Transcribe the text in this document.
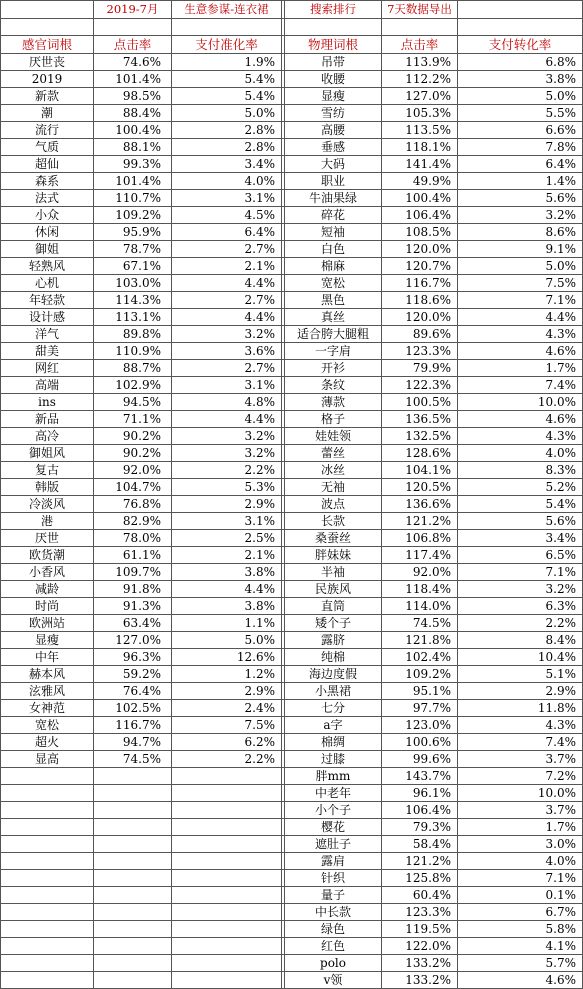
	2019-7月	生意参谋-连衣裙		搜索排行	7天数据导出	

感官词根	点击率	支付准化率		物理词根	点击率	支付转化率
厌世丧	74.6%	1.9%		吊带	113.9%	6.8%
2019	101.4%	5.4%		收腰	112.2%	3.8%
新款	98.5%	5.4%		显瘦	127.0%	5.0%
潮	88.4%	5.0%		雪纺	105.3%	5.5%
流行	100.4%	2.8%		高腰	113.5%	6.6%
气质	88.1%	2.8%		垂感	118.1%	7.8%
超仙	99.3%	3.4%		大码	141.4%	6.4%
森系	101.4%	4.0%		职业	49.9%	1.4%
法式	110.7%	3.1%		牛油果绿	100.4%	5.6%
小众	109.2%	4.5%		碎花	106.4%	3.2%
休闲	95.9%	6.4%		短袖	108.5%	8.6%
御姐	78.7%	2.7%		白色	120.0%	9.1%
轻熟风	67.1%	2.1%		棉麻	120.7%	5.0%
心机	103.0%	4.4%		宽松	116.7%	7.5%
年轻款	114.3%	2.7%		黑色	118.6%	7.1%
设计感	113.1%	4.4%		真丝	120.0%	4.4%
洋气	89.8%	3.2%		适合胯大腿粗	89.6%	4.3%
甜美	110.9%	3.6%		一字肩	123.3%	4.6%
网红	88.7%	2.7%		开衫	79.9%	1.7%
高端	102.9%	3.1%		条纹	122.3%	7.4%
ins	94.5%	4.8%		薄款	100.5%	10.0%
新品	71.1%	4.4%		格子	136.5%	4.6%
高冷	90.2%	3.2%		娃娃领	132.5%	4.3%
御姐风	90.2%	3.2%		蕾丝	128.6%	4.0%
复古	92.0%	2.2%		冰丝	104.1%	8.3%
韩版	104.7%	5.3%		无袖	120.5%	5.2%
冷淡风	76.8%	2.9%		波点	136.6%	5.4%
港	82.9%	3.1%		长款	121.2%	5.6%
厌世	78.0%	2.5%		桑蚕丝	106.8%	3.4%
欧货潮	61.1%	2.1%		胖妹妹	117.4%	6.5%
小香风	109.7%	3.8%		半袖	92.0%	7.1%
减龄	91.8%	4.4%		民族风	118.4%	3.2%
时尚	91.3%	3.8%		直筒	114.0%	6.3%
欧洲站	63.4%	1.1%		矮个子	74.5%	2.2%
显瘦	127.0%	5.0%		露脐	121.8%	8.4%
中年	96.3%	12.6%		纯棉	102.4%	10.4%
赫本风	59.2%	1.2%		海边度假	109.2%	5.1%
泫雅风	76.4%	2.9%		小黑裙	95.1%	2.9%
女神范	102.5%	2.4%		七分	97.7%	11.8%
宽松	116.7%	7.5%		a字	123.0%	4.3%
超火	94.7%	6.2%		棉绸	100.6%	7.4%
显高	74.5%	2.2%		过膝	99.6%	3.7%
				胖mm	143.7%	7.2%
				中老年	96.1%	10.0%
				小个子	106.4%	3.7%
				樱花	79.3%	1.7%
				遮肚子	58.4%	3.0%
				露肩	121.2%	4.0%
				针织	125.8%	7.1%
				量子	60.4%	0.1%
				中长款	123.3%	6.7%
				绿色	119.5%	5.8%
				红色	122.0%	4.1%
				polo	133.2%	5.7%
				v领	133.2%	4.6%
